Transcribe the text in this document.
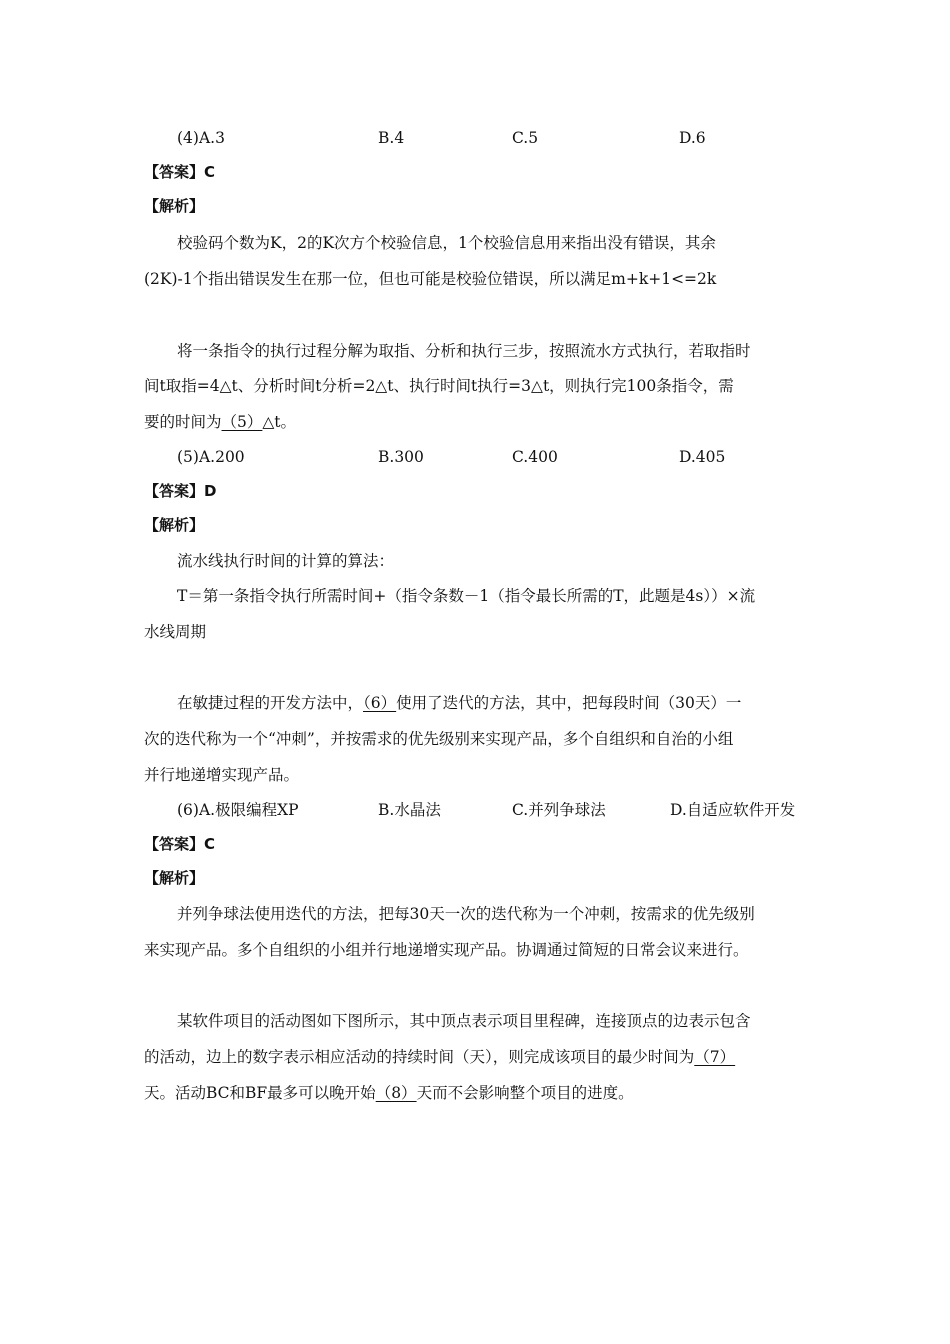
(4)A.3	B.4	C.5	D.6
【答案】C
【解析】
校验码个数为K，2的K次方个校验信息，1个校验信息用来指出没有错误，其余
(2K)-1个指出错误发生在那一位，但也可能是校验位错误，所以满足m+k+1<=2k
将一条指令的执行过程分解为取指、分析和执行三步，按照流水方式执行，若取指时
间t取指=4△t、分析时间t分析=2△t、执行时间t执行=3△t，则执行完100条指令，需
要的时间为（5）△t。
(5)A.200	B.300	C.400	D.405
【答案】D
【解析】
流水线执行时间的计算的算法：
T＝第一条指令执行所需时间+（指令条数－1（指令最长所需的T，此题是4s））×流
水线周期
在敏捷过程的开发方法中，（6）使用了迭代的方法，其中，把每段时间（30天）一
次的迭代称为一个“冲刺”，并按需求的优先级别来实现产品，多个自组织和自治的小组
并行地递增实现产品。
(6)A.极限编程XP	B.水晶法	C.并列争球法	D.自适应软件开发
【答案】C
【解析】
并列争球法使用迭代的方法，把每30天一次的迭代称为一个冲刺，按需求的优先级别
来实现产品。多个自组织的小组并行地递增实现产品。协调通过简短的日常会议来进行。
某软件项目的活动图如下图所示，其中顶点表示项目里程碑，连接顶点的边表示包含
的活动，边上的数字表示相应活动的持续时间（天），则完成该项目的最少时间为（7）
天。活动BC和BF最多可以晚开始（8）天而不会影响整个项目的进度。
